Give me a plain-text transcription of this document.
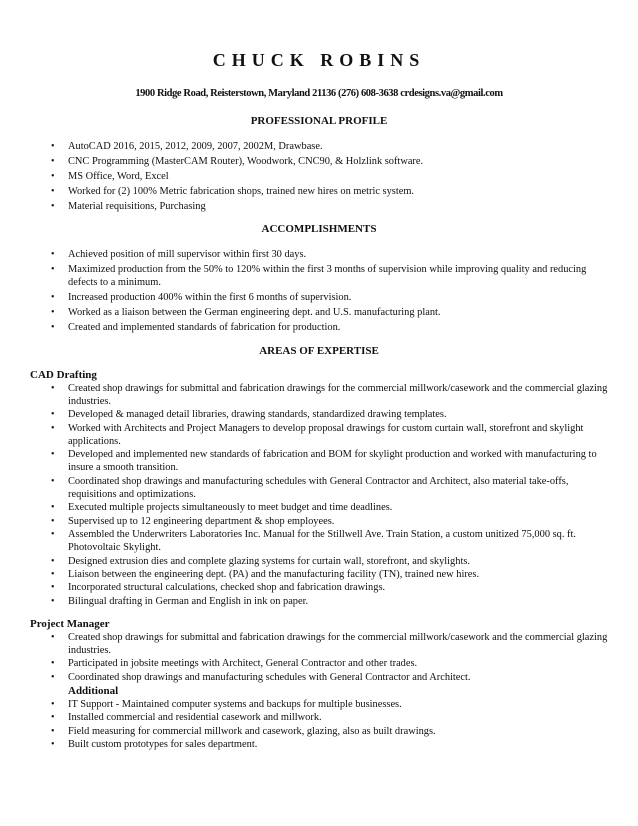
CHUCK ROBINS
1900 Ridge Road, Reisterstown, Maryland 21136 (276) 608-3638 crdesigns.va@gmail.com
PROFESSIONAL PROFILE
• AutoCAD 2016, 2015, 2012, 2009, 2007, 2002M, Drawbase.
• CNC Programming (MasterCAM Router), Woodwork, CNC90, & Holzlink software.
• MS Office, Word, Excel
• Worked for (2) 100% Metric fabrication shops, trained new hires on metric system.
• Material requisitions, Purchasing
ACCOMPLISHMENTS
• Achieved position of mill supervisor within first 30 days.
• Maximized production from the 50% to 120% within the first 3 months of supervision while improving quality and reducing defects to a minimum.
• Increased production 400% within the first 6 months of supervision.
• Worked as a liaison between the German engineering dept. and U.S. manufacturing plant.
• Created and implemented standards of fabrication for production.
AREAS OF EXPERTISE
CAD Drafting
• Created shop drawings for submittal and fabrication drawings for the commercial millwork/casework and the commercial glazing industries.
• Developed & managed detail libraries, drawing standards, standardized drawing templates.
• Worked with Architects and Project Managers to develop proposal drawings for custom curtain wall, storefront and skylight applications.
• Developed and implemented new standards of fabrication and BOM for skylight production and worked with manufacturing to insure a smooth transition.
• Coordinated shop drawings and manufacturing schedules with General Contractor and Architect, also material take-offs, requisitions and optimizations.
• Executed multiple projects simultaneously to meet budget and time deadlines.
• Supervised up to 12 engineering department & shop employees.
• Assembled the Underwriters Laboratories Inc. Manual for the Stillwell Ave. Train Station, a custom unitized 75,000 sq. ft. Photovoltaic Skylight.
• Designed extrusion dies and complete glazing systems for curtain wall, storefront, and skylights.
• Liaison between the engineering dept. (PA) and the manufacturing facility (TN), trained new hires.
• Incorporated structural calculations, checked shop and fabrication drawings.
• Bilingual drafting in German and English in ink on paper.
Project Manager
• Created shop drawings for submittal and fabrication drawings for the commercial millwork/casework and the commercial glazing industries.
• Participated in jobsite meetings with Architect, General Contractor and other trades.
• Coordinated shop drawings and manufacturing schedules with General Contractor and Architect.
Additional
• IT Support - Maintained computer systems and backups for multiple businesses.
• Installed commercial and residential casework and millwork.
• Field measuring for commercial millwork and casework, glazing, also as built drawings.
• Built custom prototypes for sales department.
